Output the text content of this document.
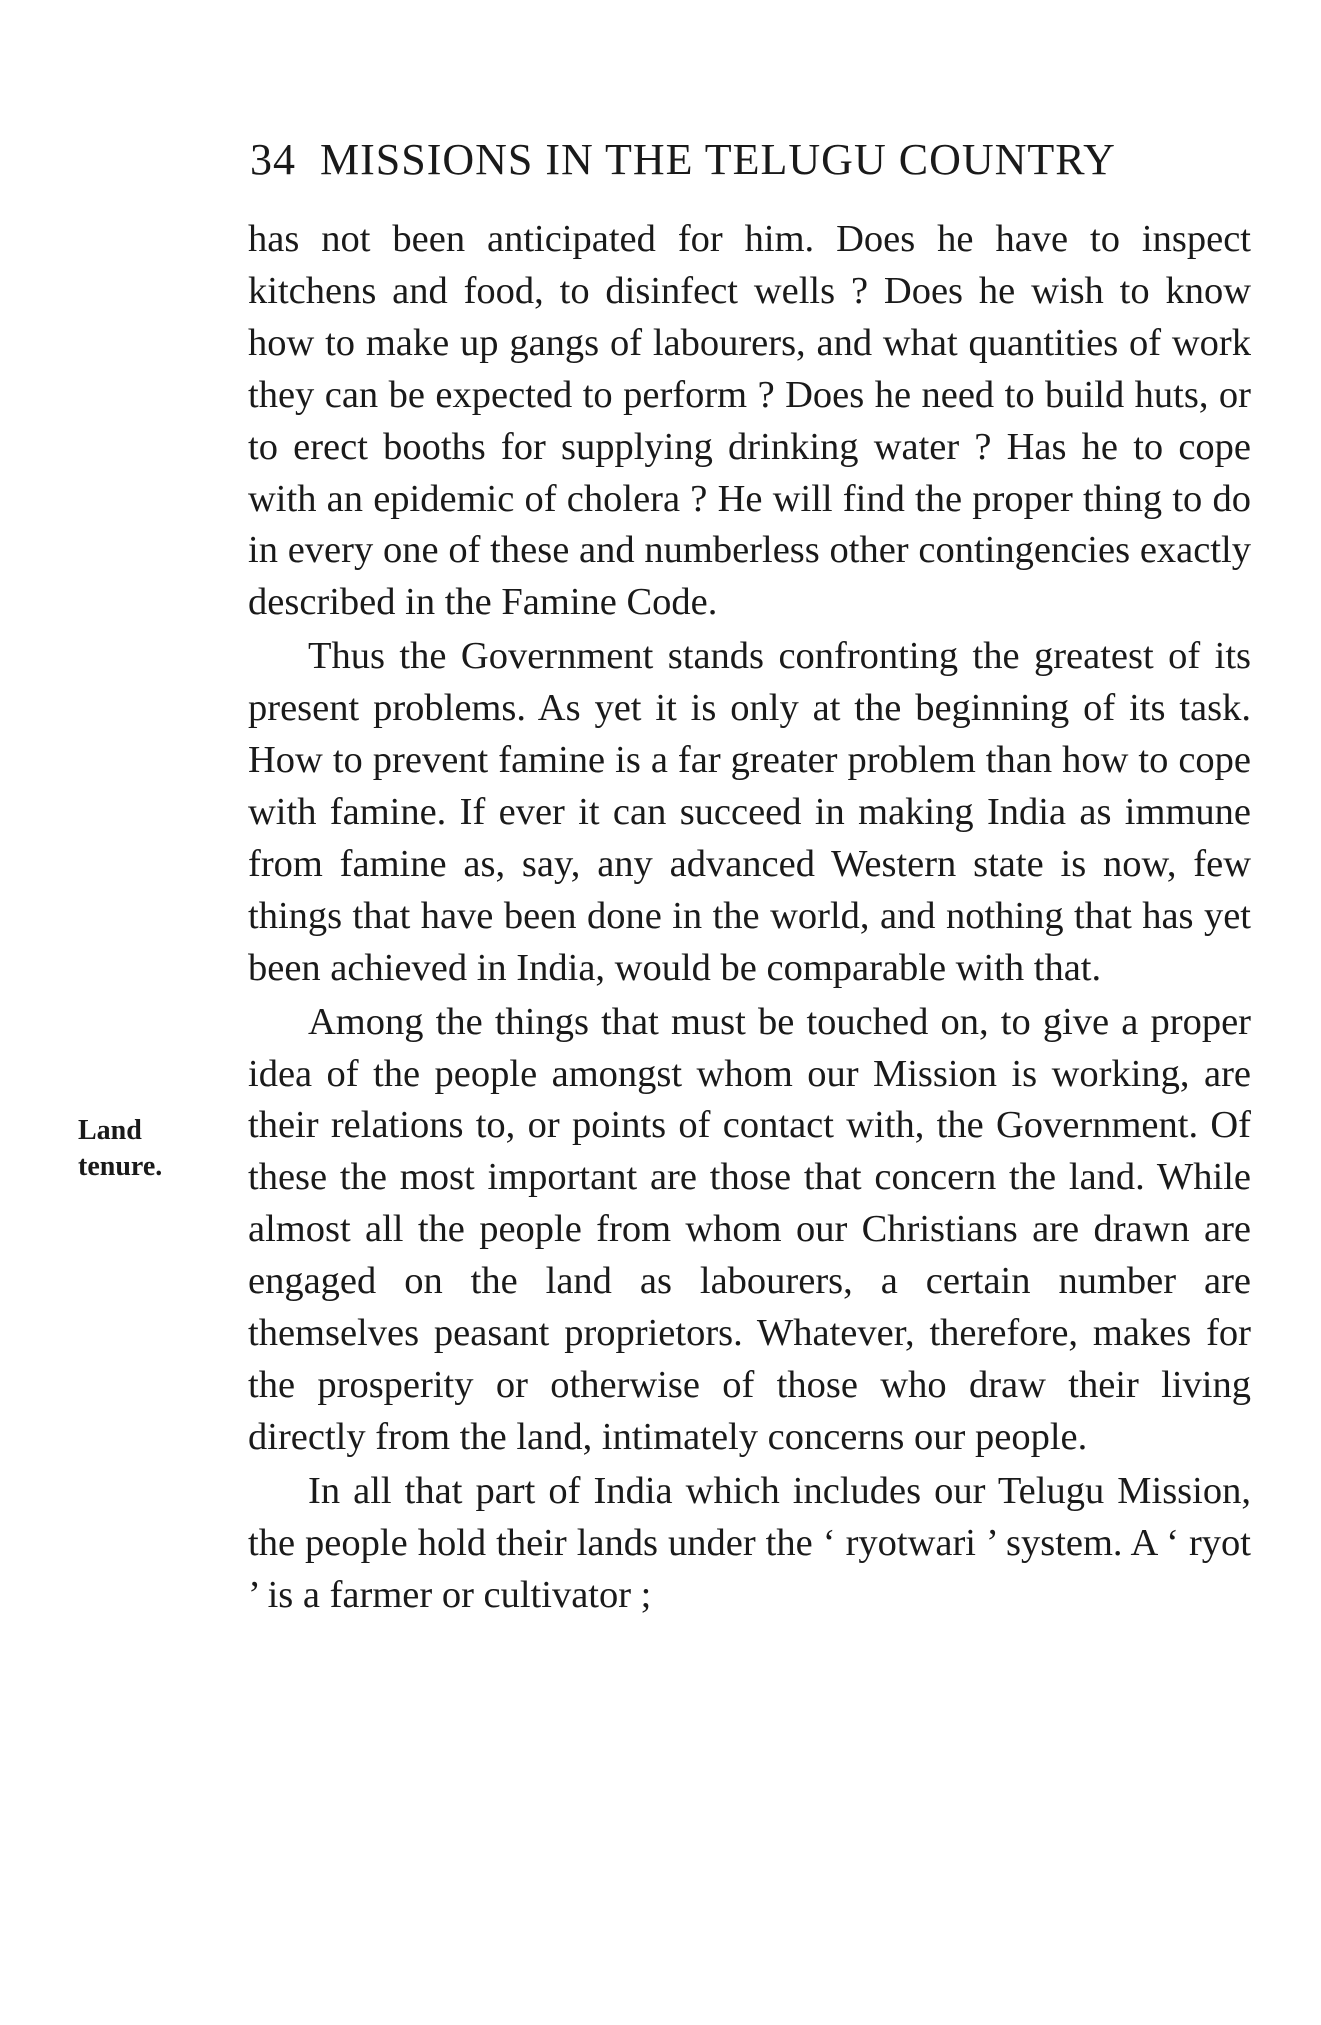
34 MISSIONS IN THE TELUGU COUNTRY
Land
tenure.

has not been anticipated for him. Does he have to inspect kitchens and food, to disinfect wells ? Does he wish to know how to make up gangs of labourers, and what quantities of work they can be expected to perform ? Does he need to build huts, or to erect booths for supplying drinking water ? Has he to cope with an epidemic of cholera ? He will find the proper thing to do in every one of these and numberless other contingencies exactly described in the Famine Code.

Thus the Government stands confronting the greatest of its present problems. As yet it is only at the beginning of its task. How to prevent famine is a far greater problem than how to cope with famine. If ever it can succeed in making India as immune from famine as, say, any advanced Western state is now, few things that have been done in the world, and nothing that has yet been achieved in India, would be comparable with that.

Among the things that must be touched on, to give a proper idea of the people amongst whom our Mission is working, are their relations to, or points of contact with, the Government. Of these the most important are those that concern the land. While almost all the people from whom our Christians are drawn are engaged on the land as labourers, a certain number are themselves peasant proprietors. Whatever, therefore, makes for the prosperity or otherwise of those who draw their living directly from the land, intimately concerns our people.

In all that part of India which includes our Telugu Mission, the people hold their lands under the ‘ ryotwari ’ system. A ‘ ryot ’ is a farmer or cultivator ;
